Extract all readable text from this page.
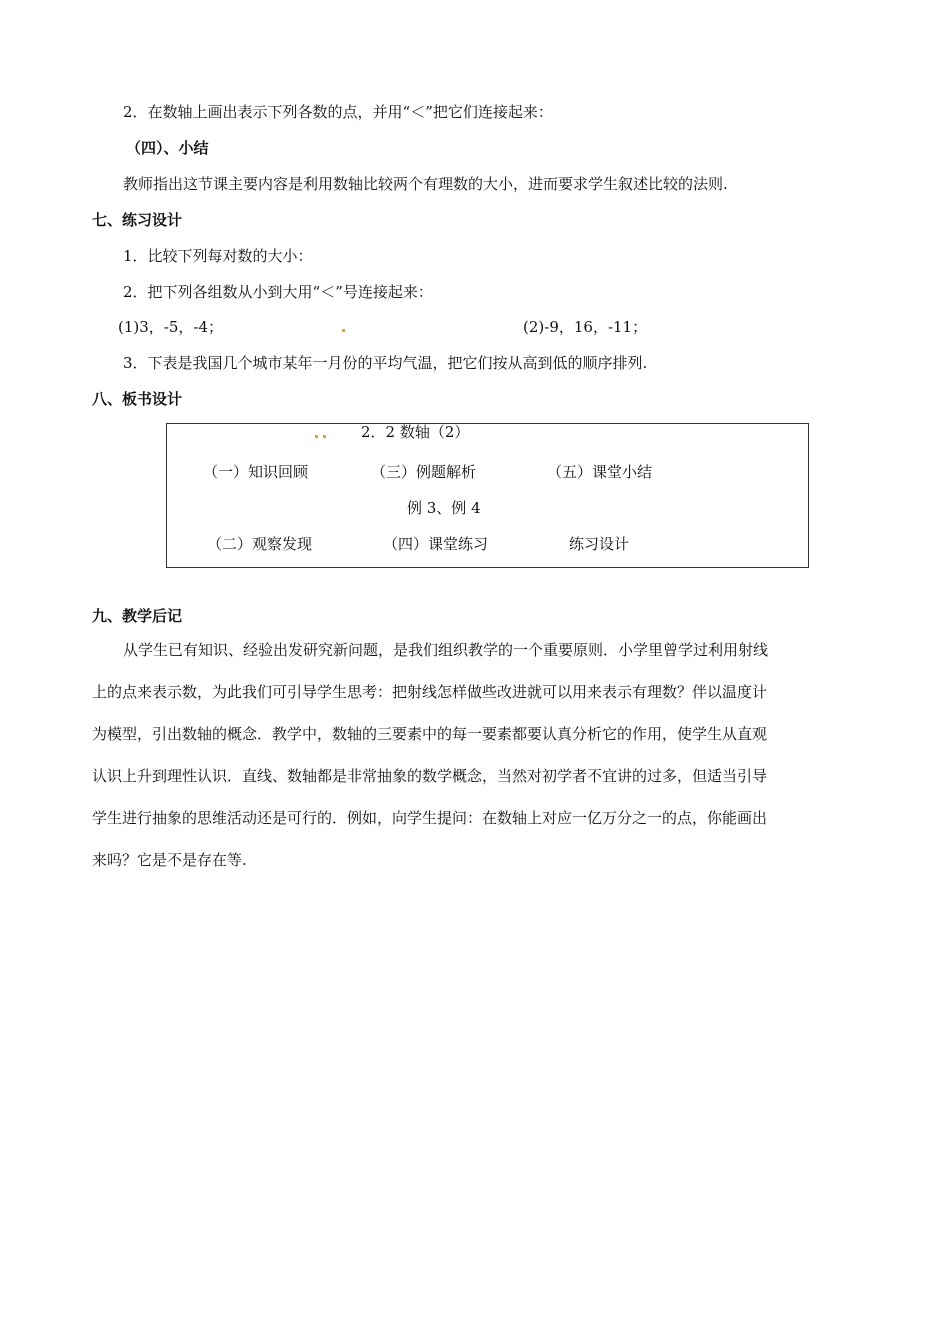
2．在数轴上画出表示下列各数的点，并用“＜”把它们连接起来：
（四）、小结
教师指出这节课主要内容是利用数轴比较两个有理数的大小，进而要求学生叙述比较的法则.
七、练习设计
1．比较下列每对数的大小：
2．把下列各组数从小到大用“＜”号连接起来：
(1)3，-5，-4；	(2)-9，16，-11；
3．下表是我国几个城市某年一月份的平均气温，把它们按从高到低的顺序排列.
八、板书设计
2．2 数轴（2）
（一）知识回顾	（三）例题解析	（五）课堂小结
例 3、例 4
（二）观察发现	（四）课堂练习	练习设计
九、教学后记
从学生已有知识、经验出发研究新问题，是我们组织教学的一个重要原则．小学里曾学过利用射线
上的点来表示数，为此我们可引导学生思考：把射线怎样做些改进就可以用来表示有理数？伴以温度计
为模型，引出数轴的概念．教学中，数轴的三要素中的每一要素都要认真分析它的作用，使学生从直观
认识上升到理性认识．直线、数轴都是非常抽象的数学概念，当然对初学者不宜讲的过多，但适当引导
学生进行抽象的思维活动还是可行的．例如，向学生提问：在数轴上对应一亿万分之一的点，你能画出
来吗？它是不是存在等.
